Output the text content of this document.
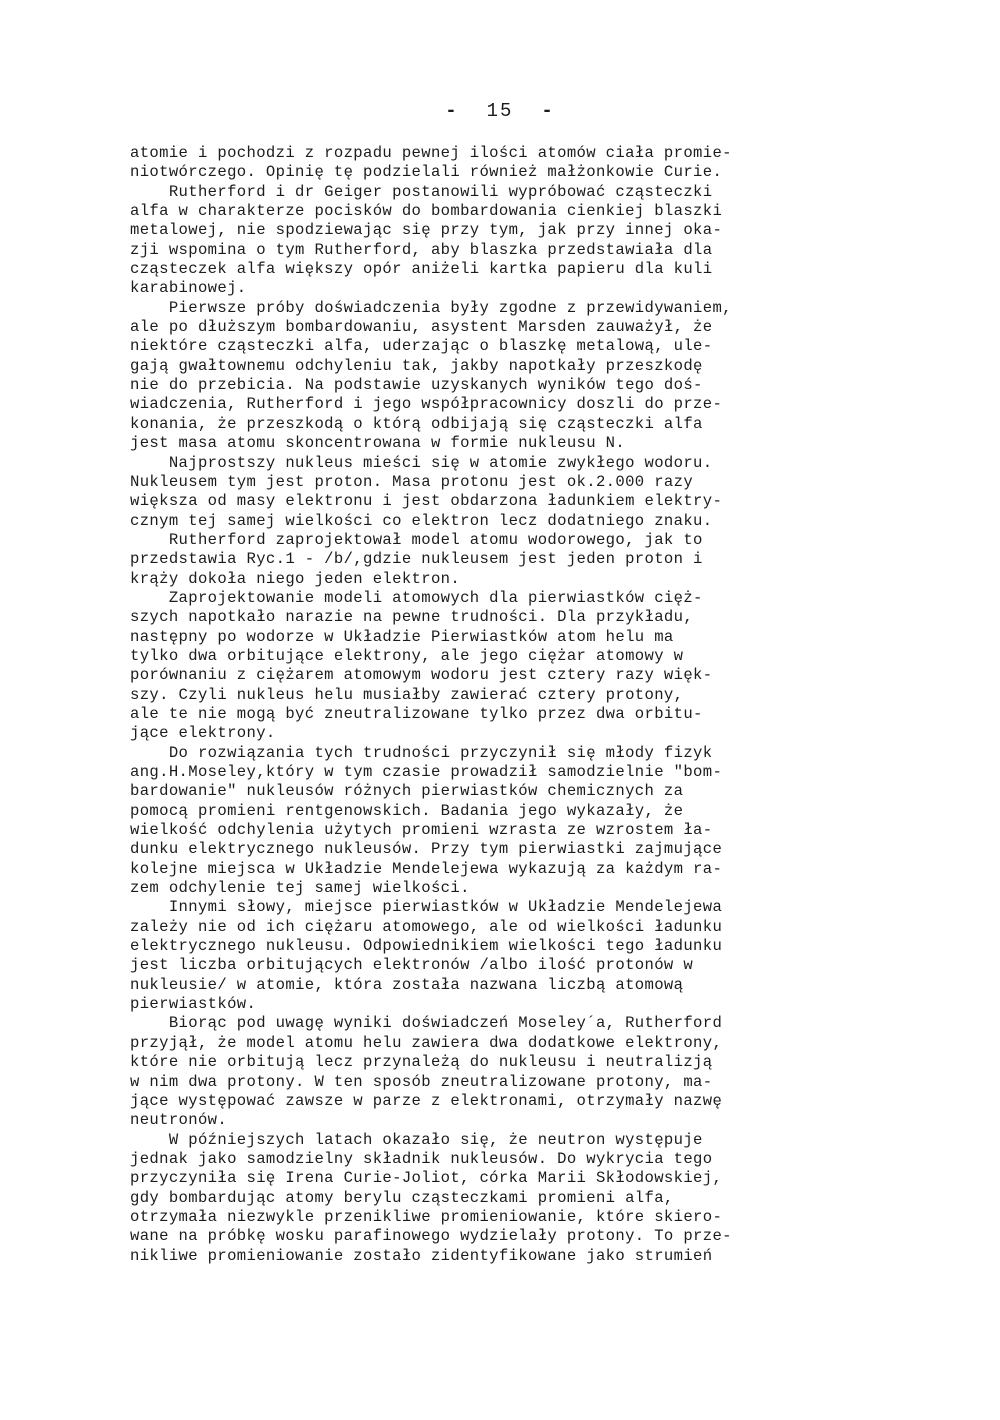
- 15 -
atomie i pochodzi z rozpadu pewnej ilości atomów ciała promie-
niotwórczego. Opinię tę podzielali również małżonkowie Curie.
Rutherford i dr Geiger postanowili wypróbować cząsteczki
alfa w charakterze pocisków do bombardowania cienkiej blaszki
metalowej, nie spodziewając się przy tym, jak przy innej oka-
zji wspomina o tym Rutherford, aby blaszka przedstawiała dla
cząsteczek alfa większy opór aniżeli kartka papieru dla kuli
karabinowej.
Pierwsze próby doświadczenia były zgodne z przewidywaniem,
ale po dłuższym bombardowaniu, asystent Marsden zauważył, że
niektóre cząsteczki alfa, uderzając o blaszkę metalową, ule-
gają gwałtownemu odchyleniu tak, jakby napotkały przeszkodę
nie do przebicia. Na podstawie uzyskanych wyników tego doś-
wiadczenia, Rutherford i jego współpracownicy doszli do prze-
konania, że przeszkodą o którą odbijają się cząsteczki alfa
jest masa atomu skoncentrowana w formie nukleusu N.
Najprostszy nukleus mieści się w atomie zwykłego wodoru.
Nukleusem tym jest proton. Masa protonu jest ok.2.000 razy
większa od masy elektronu i jest obdarzona ładunkiem elektry-
cznym tej samej wielkości co elektron lecz dodatniego znaku.
Rutherford zaprojektował model atomu wodorowego, jak to
przedstawia Ryc.1 - /b/,gdzie nukleusem jest jeden proton i
krąży dokoła niego jeden elektron.
Zaprojektowanie modeli atomowych dla pierwiastków cięż-
szych napotkało narazie na pewne trudności. Dla przykładu,
następny po wodorze w Układzie Pierwiastków atom helu ma
tylko dwa orbitujące elektrony, ale jego ciężar atomowy w
porównaniu z ciężarem atomowym wodoru jest cztery razy więk-
szy. Czyli nukleus helu musiałby zawierać cztery protony,
ale te nie mogą być zneutralizowane tylko przez dwa orbitu-
jące elektrony.
Do rozwiązania tych trudności przyczynił się młody fizyk
ang.H.Moseley,który w tym czasie prowadził samodzielnie "bom-
bardowanie" nukleusów różnych pierwiastków chemicznych za
pomocą promieni rentgenowskich. Badania jego wykazały, że
wielkość odchylenia użytych promieni wzrasta ze wzrostem ła-
dunku elektrycznego nukleusów. Przy tym pierwiastki zajmujące
kolejne miejsca w Układzie Mendelejewa wykazują za każdym ra-
zem odchylenie tej samej wielkości.
Innymi słowy, miejsce pierwiastków w Układzie Mendelejewa
zależy nie od ich ciężaru atomowego, ale od wielkości ładunku
elektrycznego nukleusu. Odpowiednikiem wielkości tego ładunku
jest liczba orbitujących elektronów /albo ilość protonów w
nukleusie/ w atomie, która została nazwana liczbą atomową
pierwiastków.
Biorąc pod uwagę wyniki doświadczeń Moseley´a, Rutherford
przyjął, że model atomu helu zawiera dwa dodatkowe elektrony,
które nie orbitują lecz przynależą do nukleusu i neutralizją
w nim dwa protony. W ten sposób zneutralizowane protony, ma-
jące występować zawsze w parze z elektronami, otrzymały nazwę
neutronów.
W późniejszych latach okazało się, że neutron występuje
jednak jako samodzielny składnik nukleusów. Do wykrycia tego
przyczyniła się Irena Curie-Joliot, córka Marii Skłodowskiej,
gdy bombardując atomy berylu cząsteczkami promieni alfa,
otrzymała niezwykle przenikliwe promieniowanie, które skiero-
wane na próbkę wosku parafinowego wydzielały protony. To prze-
nikliwe promieniowanie zostało zidentyfikowane jako strumień
